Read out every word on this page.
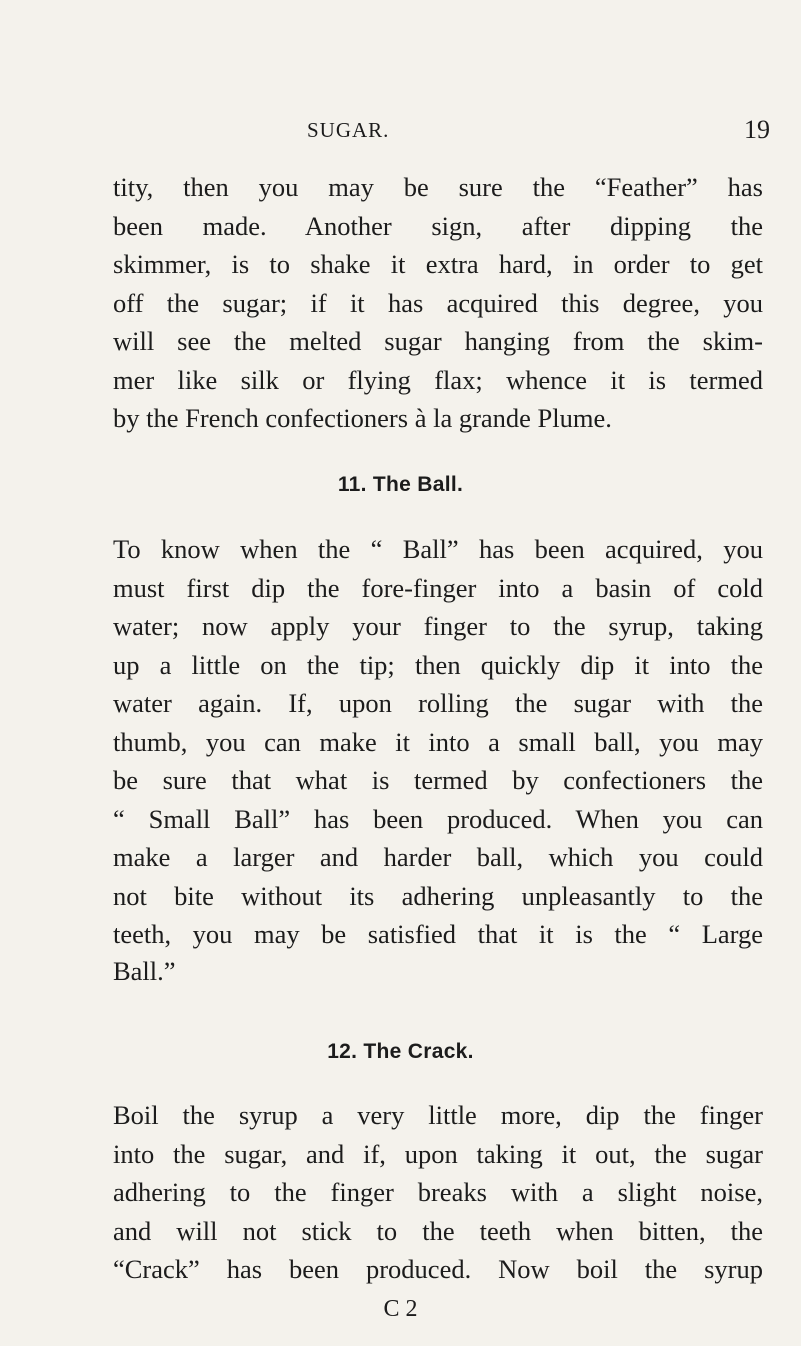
SUGAR.	19
tity, then you may be sure the “Feather” has
been made. Another sign, after dipping the
skimmer, is to shake it extra hard, in order to get
off the sugar; if it has acquired this degree, you
will see the melted sugar hanging from the skim-
mer like silk or flying flax; whence it is termed
by the French confectioners à la grande Plume.
11. The Ball.
To know when the “ Ball” has been acquired, you
must first dip the fore-finger into a basin of cold
water; now apply your finger to the syrup, taking
up a little on the tip; then quickly dip it into the
water again. If, upon rolling the sugar with the
thumb, you can make it into a small ball, you may
be sure that what is termed by confectioners the
“ Small Ball” has been produced. When you can
make a larger and harder ball, which you could
not bite without its adhering unpleasantly to the
teeth, you may be satisfied that it is the “ Large
Ball.”
12. The Crack.
Boil the syrup a very little more, dip the finger
into the sugar, and if, upon taking it out, the sugar
adhering to the finger breaks with a slight noise,
and will not stick to the teeth when bitten, the
“Crack” has been produced. Now boil the syrup
C 2
